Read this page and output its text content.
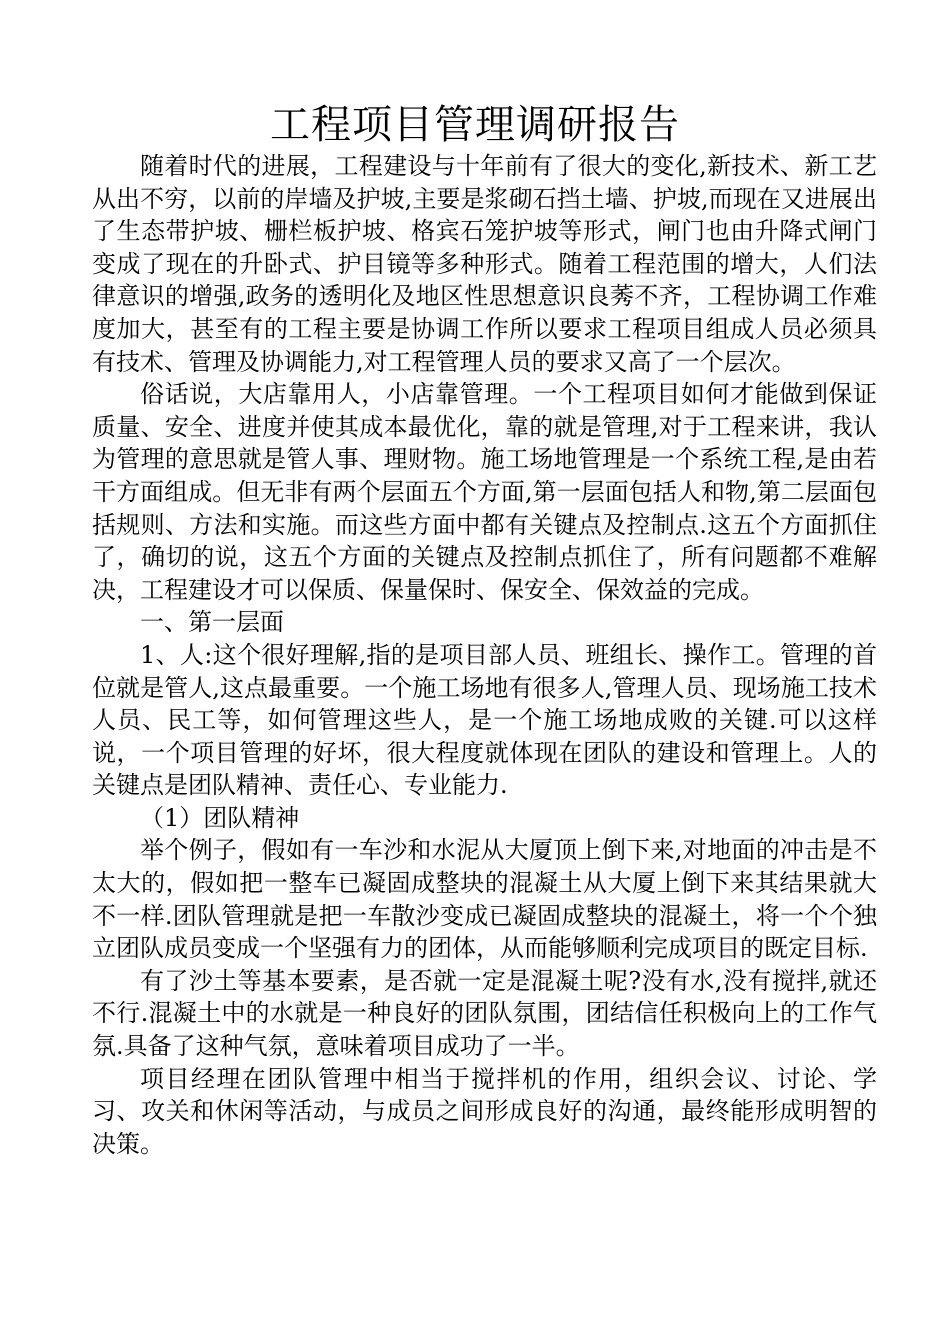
工程项目管理调研报告

随着时代的进展，工程建设与十年前有了很大的变化,新技术、新工艺从出不穷，以前的岸墙及护坡,主要是浆砌石挡土墙、护坡,而现在又进展出了生态带护坡、栅栏板护坡、格宾石笼护坡等形式，闸门也由升降式闸门变成了现在的升卧式、护目镜等多种形式。随着工程范围的增大，人们法律意识的增强,政务的透明化及地区性思想意识良莠不齐，工程协调工作难度加大，甚至有的工程主要是协调工作所以要求工程项目组成人员必须具有技术、管理及协调能力,对工程管理人员的要求又高了一个层次。

俗话说，大店靠用人，小店靠管理。一个工程项目如何才能做到保证质量、安全、进度并使其成本最优化，靠的就是管理,对于工程来讲，我认为管理的意思就是管人事、理财物。施工场地管理是一个系统工程,是由若干方面组成。但无非有两个层面五个方面,第一层面包括人和物,第二层面包括规则、方法和实施。而这些方面中都有关键点及控制点.这五个方面抓住了，确切的说，这五个方面的关键点及控制点抓住了，所有问题都不难解决，工程建设才可以保质、保量保时、保安全、保效益的完成。

一、第一层面

1、人:这个很好理解,指的是项目部人员、班组长、操作工。管理的首位就是管人,这点最重要。一个施工场地有很多人,管理人员、现场施工技术人员、民工等，如何管理这些人，是一个施工场地成败的关键.可以这样说，一个项目管理的好坏，很大程度就体现在团队的建设和管理上。人的关键点是团队精神、责任心、专业能力.

（1）团队精神

举个例子，假如有一车沙和水泥从大厦顶上倒下来,对地面的冲击是不太大的，假如把一整车已凝固成整块的混凝土从大厦上倒下来其结果就大不一样.团队管理就是把一车散沙变成已凝固成整块的混凝土，将一个个独立团队成员变成一个坚强有力的团体，从而能够顺利完成项目的既定目标.

有了沙土等基本要素，是否就一定是混凝土呢?没有水,没有搅拌,就还不行.混凝土中的水就是一种良好的团队氛围，团结信任积极向上的工作气氛.具备了这种气氛，意味着项目成功了一半。

项目经理在团队管理中相当于搅拌机的作用，组织会议、讨论、学习、攻关和休闲等活动，与成员之间形成良好的沟通，最终能形成明智的决策。
